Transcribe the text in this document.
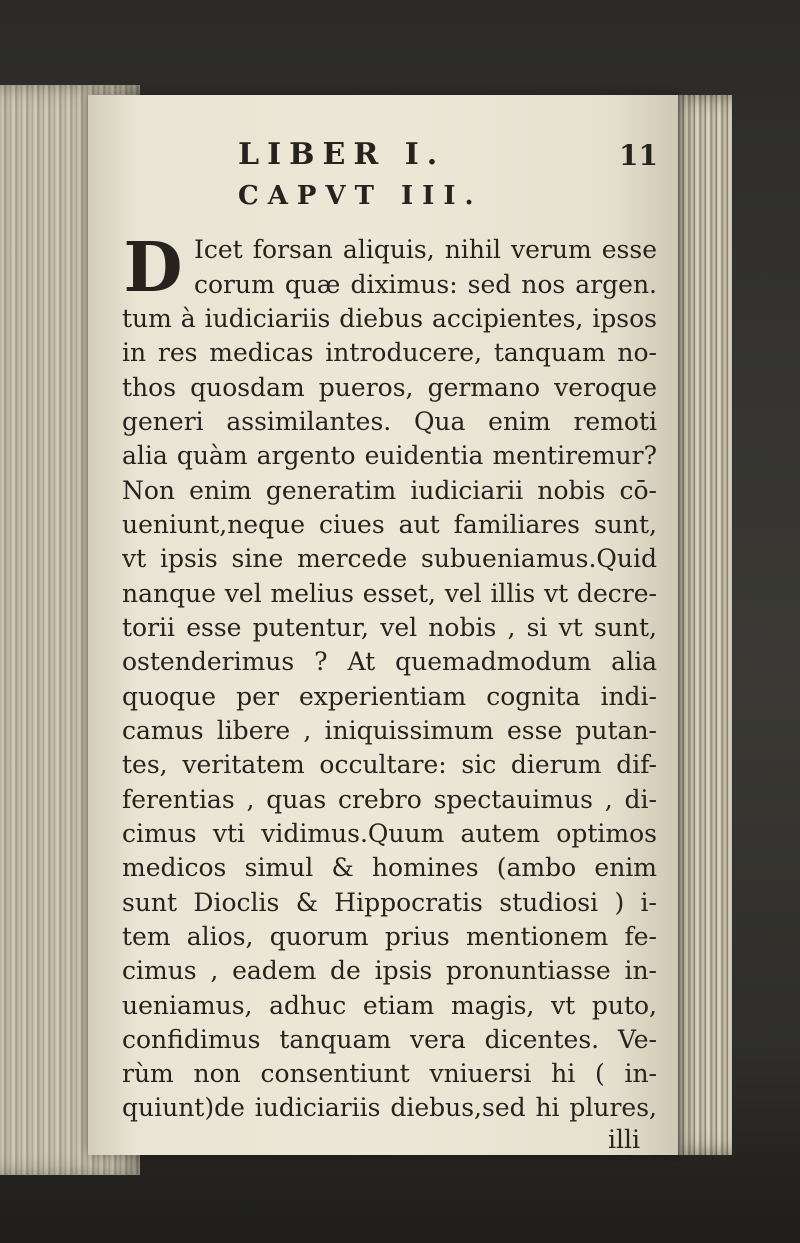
LIBER I.	11
CAPVT III.
D Icet forsan aliquis, nihil verum esse
corum quæ diximus: sed nos argen.
tum à iudiciariis diebus accipientes, ipsos
in res medicas introducere, tanquam no-
thos quosdam pueros, germano veroque
generi assimilantes. Qua enim remoti
alia quàm argento euidentia mentiremur?
Non enim generatim iudiciarii nobis cō-
ueniunt,neque ciues aut familiares sunt,
vt ipsis sine mercede subueniamus.Quid
nanque vel melius esset, vel illis vt decre-
torii esse putentur, vel nobis , si vt sunt,
ostenderimus ? At quemadmodum alia
quoque per experientiam cognita indi-
camus libere , iniquissimum esse putan-
tes, veritatem occultare: sic dierum dif-
ferentias , quas crebro spectauimus , di-
cimus vti vidimus.Quum autem optimos
medicos simul & homines (ambo enim
sunt Dioclis & Hippocratis studiosi ) i-
tem alios, quorum prius mentionem fe-
cimus , eadem de ipsis pronuntiasse in-
ueniamus, adhuc etiam magis, vt puto,
confidimus tanquam vera dicentes. Ve-
rùm non consentiunt vniuersi hi ( in-
quiunt)de iudiciariis diebus,sed hi plures,
illi
